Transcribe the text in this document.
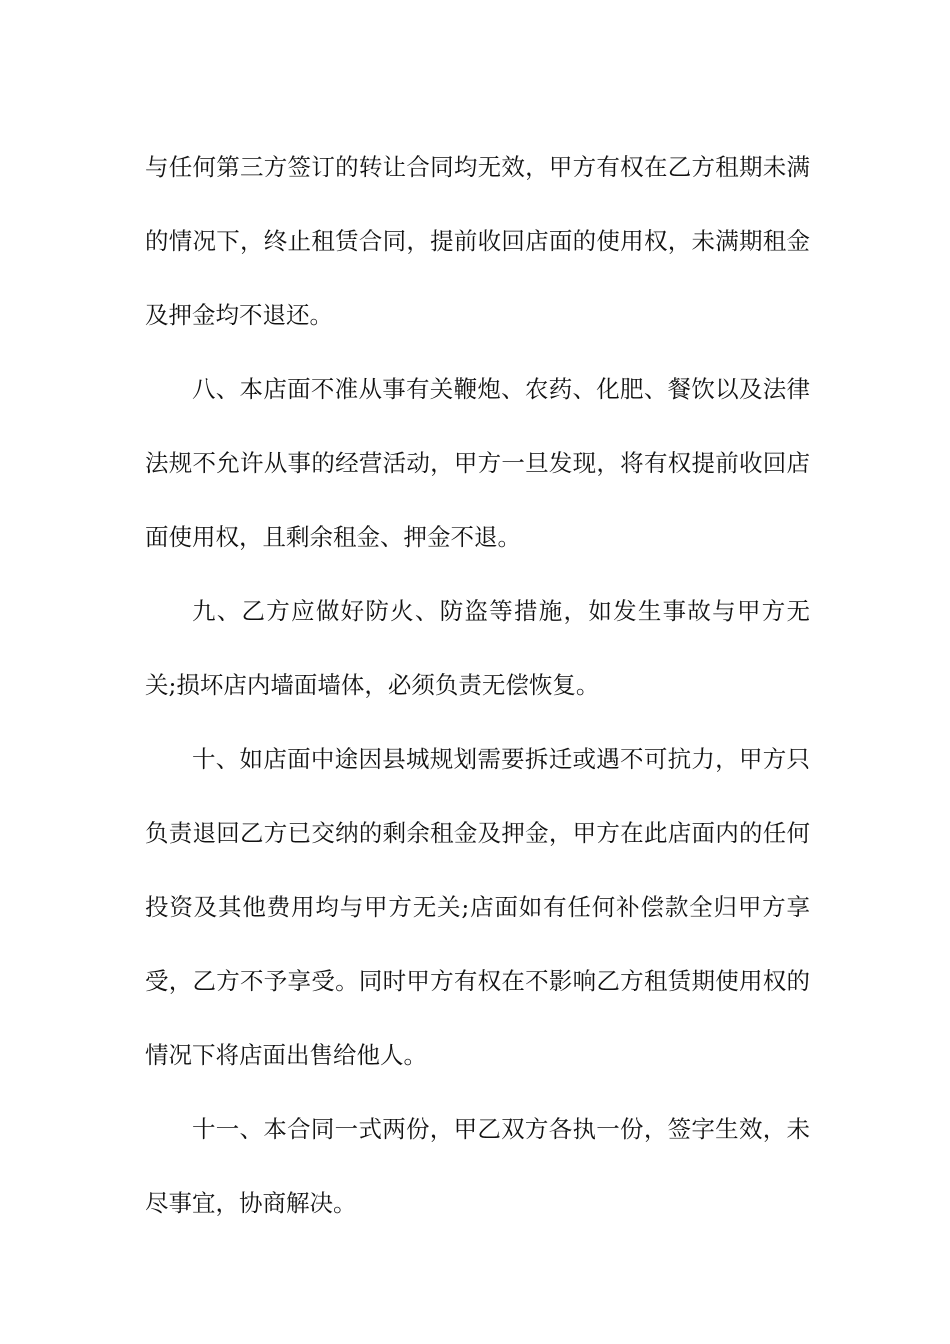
与任何第三方签订的转让合同均无效，甲方有权在乙方租期未满的情况下，终止租赁合同，提前收回店面的使用权，未满期租金及押金均不退还。

八、本店面不准从事有关鞭炮、农药、化肥、餐饮以及法律法规不允许从事的经营活动，甲方一旦发现，将有权提前收回店面使用权，且剩余租金、押金不退。

九、乙方应做好防火、防盗等措施，如发生事故与甲方无关;损坏店内墙面墙体，必须负责无偿恢复。

十、如店面中途因县城规划需要拆迁或遇不可抗力，甲方只负责退回乙方已交纳的剩余租金及押金，甲方在此店面内的任何投资及其他费用均与甲方无关;店面如有任何补偿款全归甲方享受，乙方不予享受。同时甲方有权在不影响乙方租赁期使用权的情况下将店面出售给他人。

十一、本合同一式两份，甲乙双方各执一份，签字生效，未尽事宜，协商解决。
